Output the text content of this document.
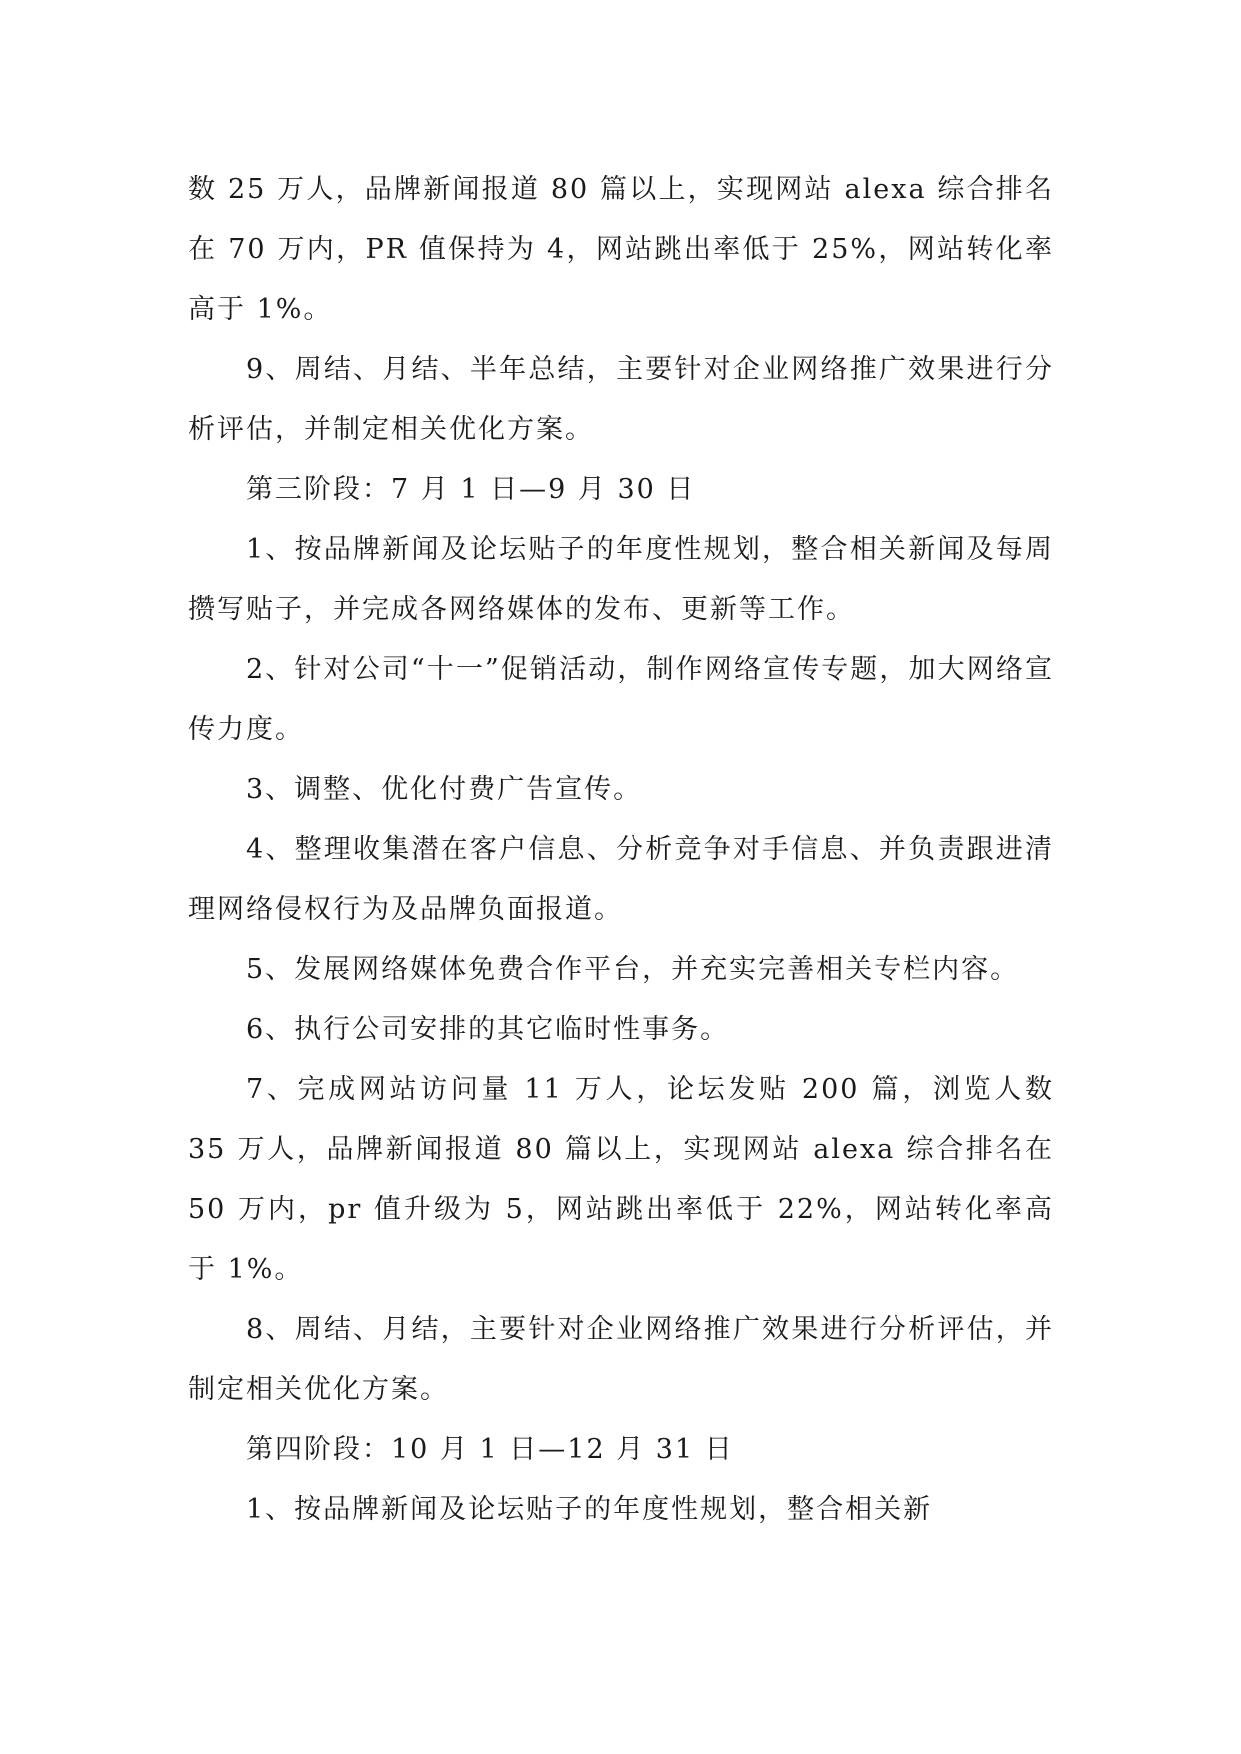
数 25 万人，品牌新闻报道 80 篇以上，实现网站 alexa 综合排名在 70 万内，PR 值保持为 4，网站跳出率低于 25%，网站转化率高于 1%。

9、周结、月结、半年总结，主要针对企业网络推广效果进行分析评估，并制定相关优化方案。

第三阶段：7 月 1 日—9 月 30 日

1、按品牌新闻及论坛贴子的年度性规划，整合相关新闻及每周攒写贴子，并完成各网络媒体的发布、更新等工作。

2、针对公司“十一”促销活动，制作网络宣传专题，加大网络宣传力度。

3、调整、优化付费广告宣传。

4、整理收集潜在客户信息、分析竞争对手信息、并负责跟进清理网络侵权行为及品牌负面报道。

5、发展网络媒体免费合作平台，并充实完善相关专栏内容。

6、执行公司安排的其它临时性事务。

7、完成网站访问量 11 万人，论坛发贴 200 篇，浏览人数 35 万人，品牌新闻报道 80 篇以上，实现网站 alexa 综合排名在 50 万内，pr 值升级为 5，网站跳出率低于 22%，网站转化率高于 1%。

8、周结、月结，主要针对企业网络推广效果进行分析评估，并制定相关优化方案。

第四阶段：10 月 1 日—12 月 31 日

1、按品牌新闻及论坛贴子的年度性规划，整合相关新
